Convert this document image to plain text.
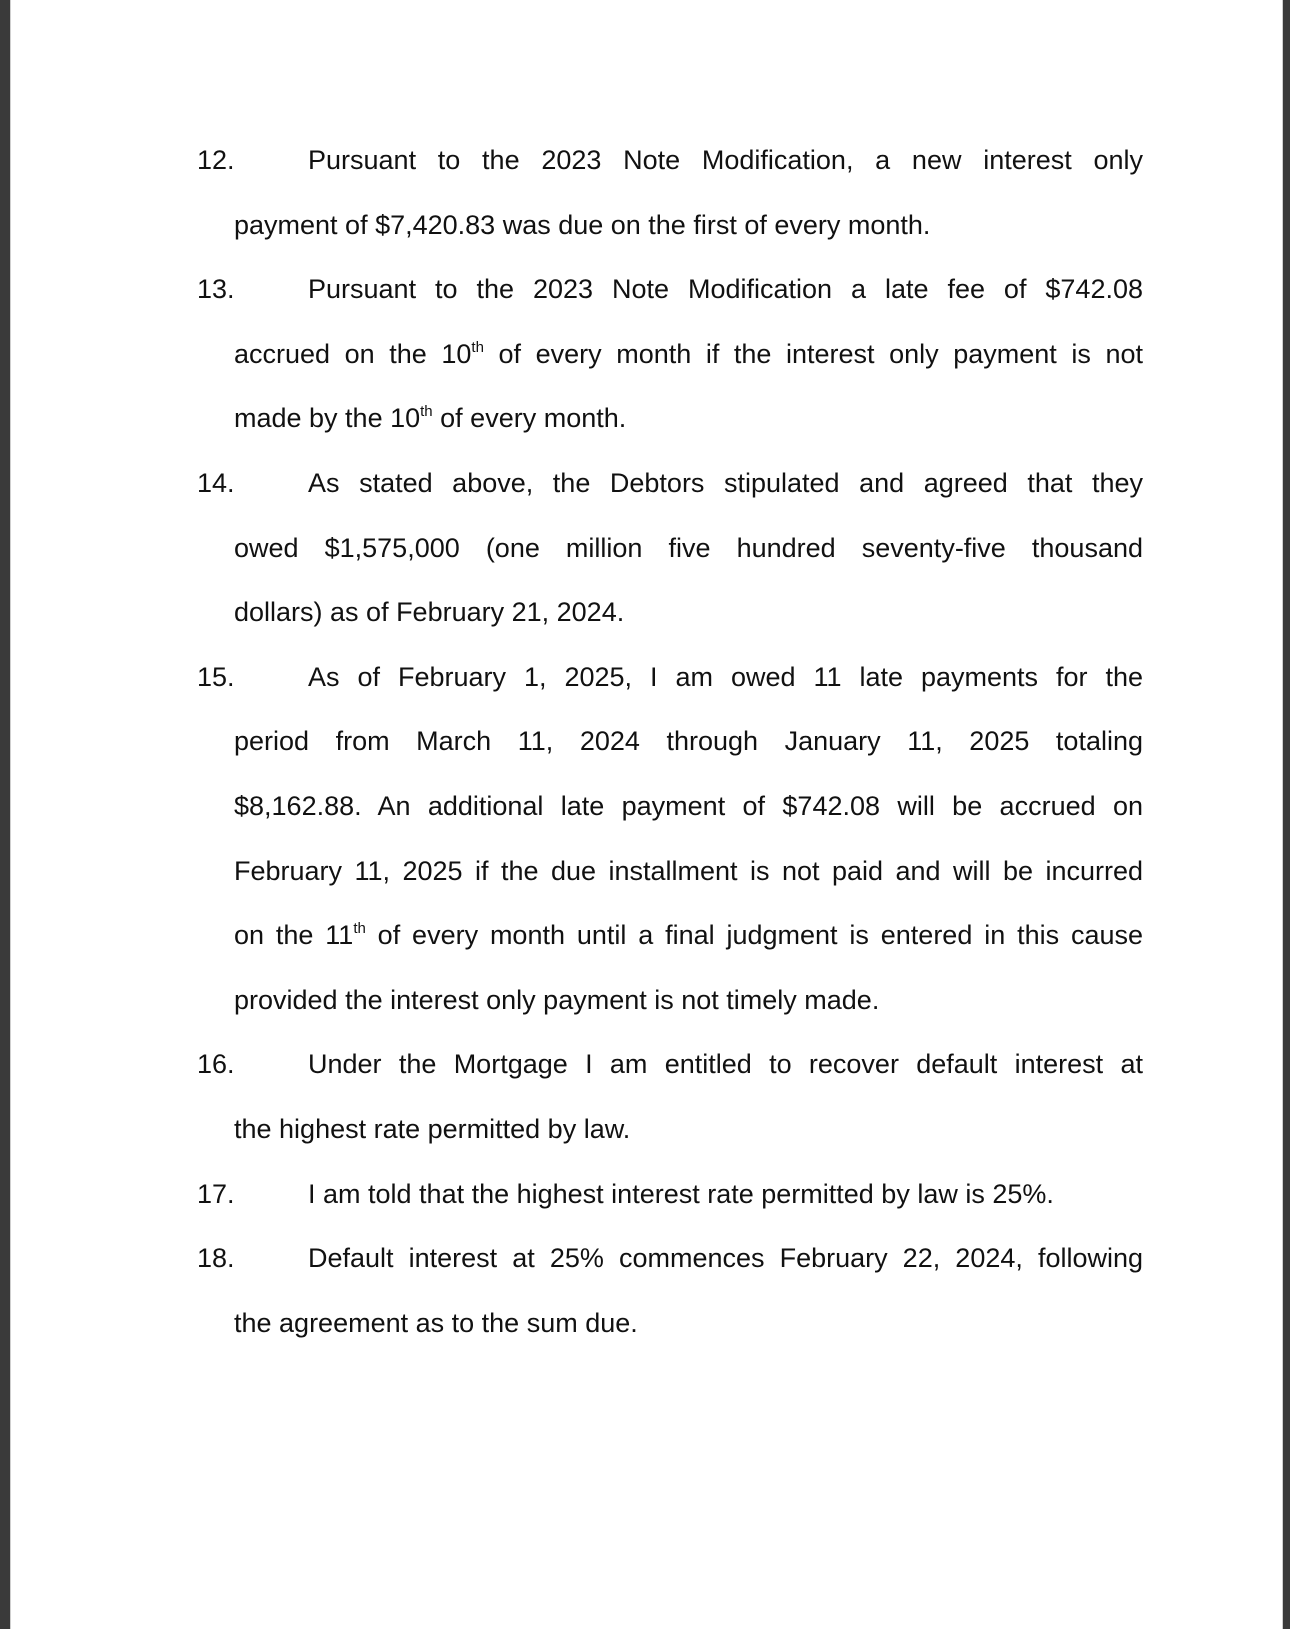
12.	Pursuant to the 2023 Note Modification, a new interest only
payment of $7,420.83 was due on the first of every month.
13.	Pursuant to the 2023 Note Modification a late fee of $742.08
accrued on the 10th of every month if the interest only payment is not
made by the 10th of every month.
14.	As stated above, the Debtors stipulated and agreed that they
owed $1,575,000 (one million five hundred seventy-five thousand
dollars) as of February 21, 2024.
15.	As of February 1, 2025, I am owed 11 late payments for the
period from March 11, 2024 through January 11, 2025 totaling
$8,162.88. An additional late payment of $742.08 will be accrued on
February 11, 2025 if the due installment is not paid and will be incurred
on the 11th of every month until a final judgment is entered in this cause
provided the interest only payment is not timely made.
16.	Under the Mortgage I am entitled to recover default interest at
the highest rate permitted by law.
17.	I am told that the highest interest rate permitted by law is 25%.
18.	Default interest at 25% commences February 22, 2024, following
the agreement as to the sum due.
